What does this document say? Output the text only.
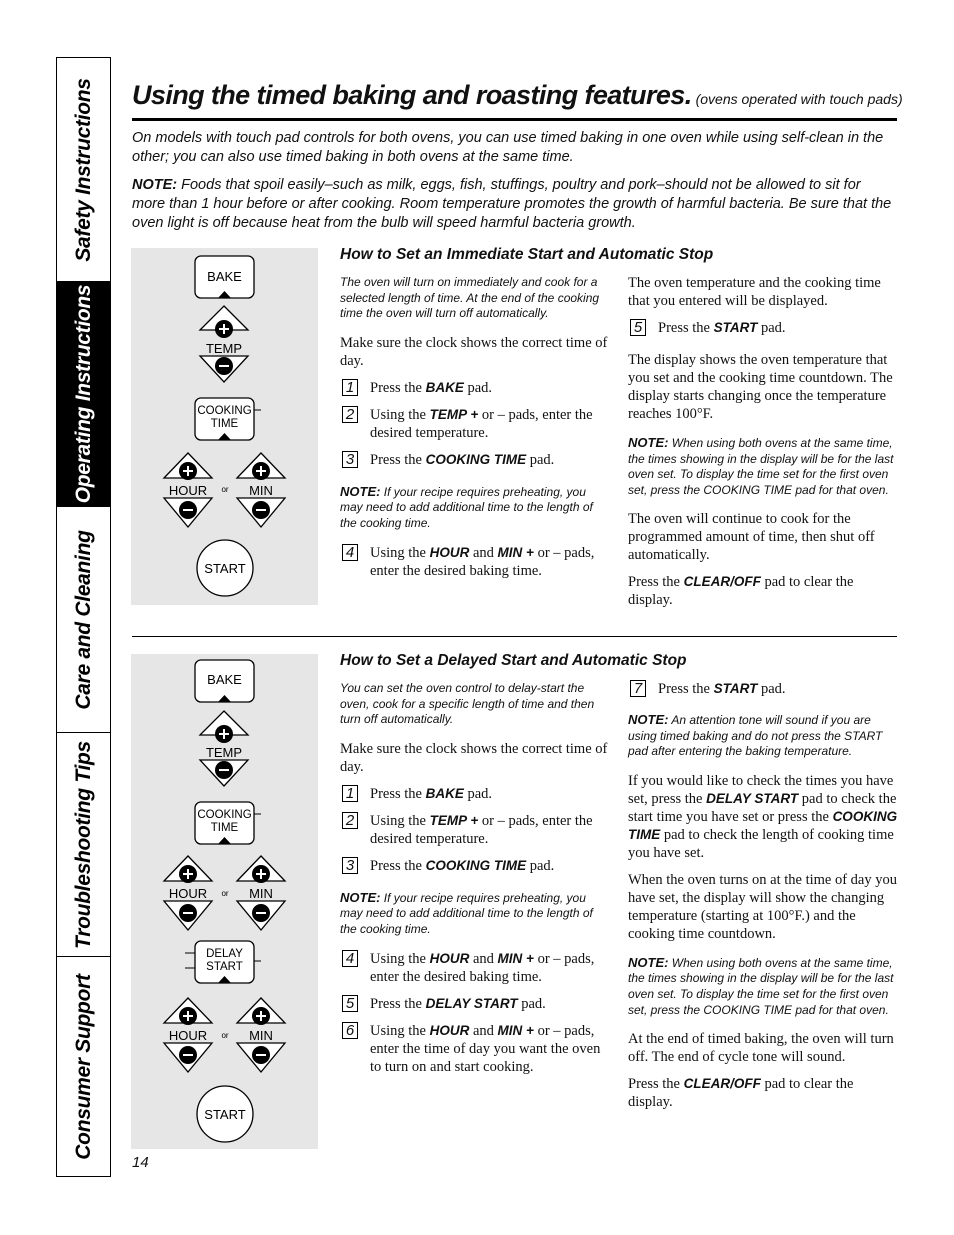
Safety Instructions
Operating Instructions
Care and Cleaning
Troubleshooting Tips
Consumer Support
Using the timed baking and roasting features. (ovens operated with touch pads)
On models with touch pad controls for both ovens, you can use timed baking in one oven while using self-clean in the other; you can also use timed baking in both ovens at the same time.
NOTE: Foods that spoil easily–such as milk, eggs, fish, stuffings, poultry and pork–should not be allowed to sit for more than 1 hour before or after cooking. Room temperature promotes the growth of harmful bacteria. Be sure that the oven light is off because heat from the bulb will speed harmful bacteria growth.
BAKE
TEMP
COOKING
TIME
HOUR or MIN
START
How to Set an Immediate Start and Automatic Stop

The oven will turn on immediately and cook for a selected length of time. At the end of the cooking time the oven will turn off automatically.

Make sure the clock shows the correct time of day.

1 Press the BAKE pad.
2 Using the TEMP + or – pads, enter the desired temperature.
3 Press the COOKING TIME pad.

NOTE: If your recipe requires preheating, you may need to add additional time to the length of the cooking time.

4 Using the HOUR and MIN + or – pads, enter the desired baking time.

The oven temperature and the cooking time that you entered will be displayed.

5 Press the START pad.

The display shows the oven temperature that you set and the cooking time countdown. The display starts changing once the temperature reaches 100°F.

NOTE: When using both ovens at the same time, the times showing in the display will be for the last oven set. To display the time set for the first oven set, press the COOKING TIME pad for that oven.

The oven will continue to cook for the programmed amount of time, then shut off automatically.

Press the CLEAR/OFF pad to clear the display.

BAKE
TEMP
COOKING
TIME
HOUR or MIN
DELAY
START
HOUR or MIN
START
How to Set a Delayed Start and Automatic Stop

You can set the oven control to delay-start the oven, cook for a specific length of time and then turn off automatically.

Make sure the clock shows the correct time of day.

1 Press the BAKE pad.
2 Using the TEMP + or – pads, enter the desired temperature.
3 Press the COOKING TIME pad.

NOTE: If your recipe requires preheating, you may need to add additional time to the length of the cooking time.

4 Using the HOUR and MIN + or – pads, enter the desired baking time.
5 Press the DELAY START pad.
6 Using the HOUR and MIN + or – pads, enter the time of day you want the oven to turn on and start cooking.
7 Press the START pad.

NOTE: An attention tone will sound if you are using timed baking and do not press the START pad after entering the baking temperature.

If you would like to check the times you have set, press the DELAY START pad to check the start time you have set or press the COOKING TIME pad to check the length of cooking time you have set.

When the oven turns on at the time of day you have set, the display will show the changing temperature (starting at 100°F.) and the cooking time countdown.

NOTE: When using both ovens at the same time, the times showing in the display will be for the last oven set. To display the time set for the first oven set, press the COOKING TIME pad for that oven.

At the end of timed baking, the oven will turn off. The end of cycle tone will sound.

Press the CLEAR/OFF pad to clear the display.

14
